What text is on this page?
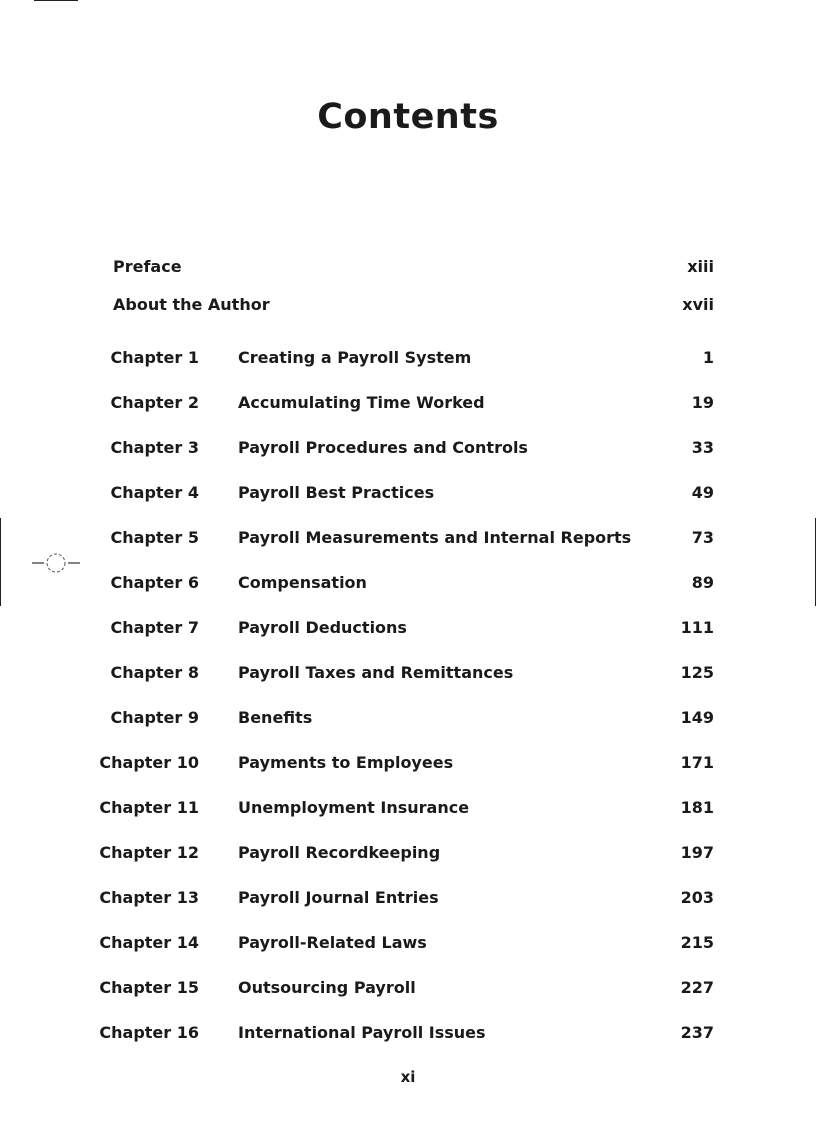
Contents
Preface	xiii
About the Author	xvii
Chapter 1 Creating a Payroll System	1
Chapter 2 Accumulating Time Worked	19
Chapter 3 Payroll Procedures and Controls	33
Chapter 4 Payroll Best Practices	49
Chapter 5 Payroll Measurements and Internal Reports	73
Chapter 6 Compensation	89
Chapter 7 Payroll Deductions	111
Chapter 8 Payroll Taxes and Remittances	125
Chapter 9 Benefits	149
Chapter 10 Payments to Employees	171
Chapter 11 Unemployment Insurance	181
Chapter 12 Payroll Recordkeeping	197
Chapter 13 Payroll Journal Entries	203
Chapter 14 Payroll-Related Laws	215
Chapter 15 Outsourcing Payroll	227
Chapter 16 International Payroll Issues	237
xi
